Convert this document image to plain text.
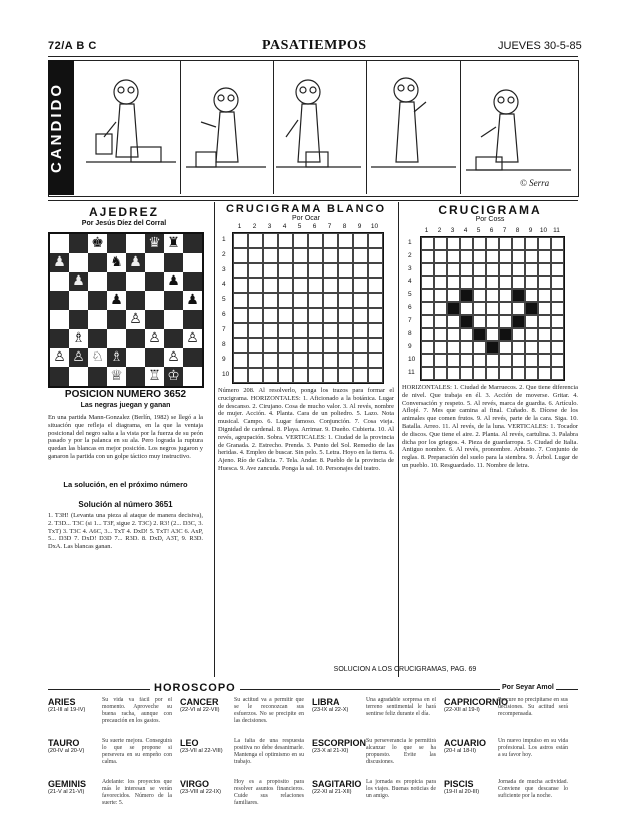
72/A B C	PASATIEMPOS	JUEVES 30-5-85
CANDIDO
© Serra
AJEDREZ
Por Jesús Díez del Corral
♚	♛ ♜
♟	♞ ♟
♟	♟
♟	♟
♙
♗	♙ ♙
♙ ♙ ♘ ♗	♙
♕ ♖ ♔
POSICION NUMERO 3652
Las negras juegan y ganan
En una partida Mann-Gonzalez (Berlín, 1982) se llegó a la situación que refleja el diagrama, en la que la ventaja posicional del negro salta a la vista por la fuerza de su peón pasado y por la palanca en su ala. Pero lograda la ruptura quedan las blancas en mejor posición. Los negros jugaron y ganaron la partida con un golpe táctico muy instructivo.
La solución, en el próximo número
Solución al número 3651
1. T3H! (Levanta una pieza al ataque de manera decisiva), 2. T3D... T3C (si 1... T3F, sigue 2. T3C) 2. R3! (2... D3C, 3. TxT) 3. T3C 4. A6C, 3... TxT 4. DxD! 5. TxT! A3C 6. AxP, 5... D3D 7. DxD! D3D 7... R3D. 8. DxD, A3T, 9. R3D. DxA. Las blancas ganan.
CRUCIGRAMA BLANCO
Por Ocar
1	2	3	4	5	6	7	8	9	10
1
2
3
4
5
6
7
8
9
10
Número 208. Al resolverlo, ponga los trazos para formar el crucigrama. HORIZONTALES: 1. Aficionado a la botánica. Lugar de descanso. 2. Cirujano. Cosa de mucho valor. 3. Al revés, nombre de mujer. Acción. 4. Planta. Cara de un poliedro. 5. Lazo. Nota musical. Campo. 6. Lugar famoso. Conjunción. 7. Cosa vieja. Dignidad de cardenal. 8. Playa. Arrimar. 9. Dueño. Cubierta. 10. Al revés, agrupación. Sobra. VERTICALES: 1. Ciudad de la provincia de Granada. 2. Estrecho. Prenda. 3. Punto del Sol. Remedio de las heridas. 4. Empleo de buscar. Sin pelo. 5. Letra. Hoyo en la tierra. 6. Ajeno. Río de Galicia. 7. Tela. Andar. 8. Pueblo de la provincia de Huesca. 9. Ave zancuda. Ponga la sal. 10. Personajes del teatro.
SOLUCION A LOS CRUCIGRAMAS, PAG. 69
CRUCIGRAMA
Por Coss
1	2	3	4	5	6	7	8	9	10 11
1
2
3
4
5
6
7
8
9
10
11
HORIZONTALES: 1. Ciudad de Marruecos. 2. Que tiene diferencia de nivel. Que trabaja en él. 3. Acción de moverse. Gritar. 4. Conversación y respeto. 5. Al revés, marca de guardia. 6. Artículo. Aflojé. 7. Mes que camina al final. Cuñado. 8. Dícese de los animales que comen frutos. 9. Al revés, parte de la cara. Siga. 10. Batalla. Arreo. 11. Al revés, de la luna. VERTICALES: 1. Tocador de discos. Que tiene el aire. 2. Planta. Al revés, cartulina. 3. Palabra dicha por los griegos. 4. Pieza de guardarropa. 5. Ciudad de Italia. Antiguo nombre. 6. Al revés, pronombre. Arbusto. 7. Conjunto de reglas. 8. Preparación del suelo para la siembra. 9. Árbol. Lugar de un pueblo. 10. Resguardado. 11. Nombre de letra.
HOROSCOPO	Por Seyar Amol
ARIES
(21-III al 19-IV)
Su vida va fácil por el momento. Aproveche su buena racha, aunque con precaución en los gastos.
TAURO
(20-IV al 20-V)
Su suerte mejora. Conseguirá lo que se propone si persevera en su empeño con calma.
GEMINIS
(21-V al 21-VI)
Adelante: los proyectos que más le interesan se verán favorecidos. Número de la suerte: 5.
CANCER
(22-VI al 22-VII)
Su actitud va a permitir que se le reconozcan sus esfuerzos. No se precipite en las decisiones.
LEO
(23-VII al 22-VIII)
La falta de una respuesta positiva no debe desanimarle. Mantenga el optimismo en su trabajo.
VIRGO
(23-VIII al 22-IX)
Hoy es a propósito para resolver asuntos financieros. Cuide sus relaciones familiares.
LIBRA
(23-IX al 22-X)
Una agradable sorpresa en el terreno sentimental le hará sentirse feliz durante el día.
ESCORPION
(23-X al 21-XI)
Su perseverancia le permitirá alcanzar lo que se ha propuesto. Evite las discusiones.
SAGITARIO
(22-XI al 21-XII)
La jornada es propicia para los viajes. Buenas noticias de un amigo.
CAPRICORNIO
(22-XII al 19-I)
Procure no precipitarse en sus decisiones. Su actitud será recompensada.
ACUARIO
(20-I al 18-II)
Un nuevo impulso en su vida profesional. Los astros están a su favor hoy.
PISCIS
(19-II al 20-III)
Jornada de mucha actividad. Conviene que descanse lo suficiente por la noche.
